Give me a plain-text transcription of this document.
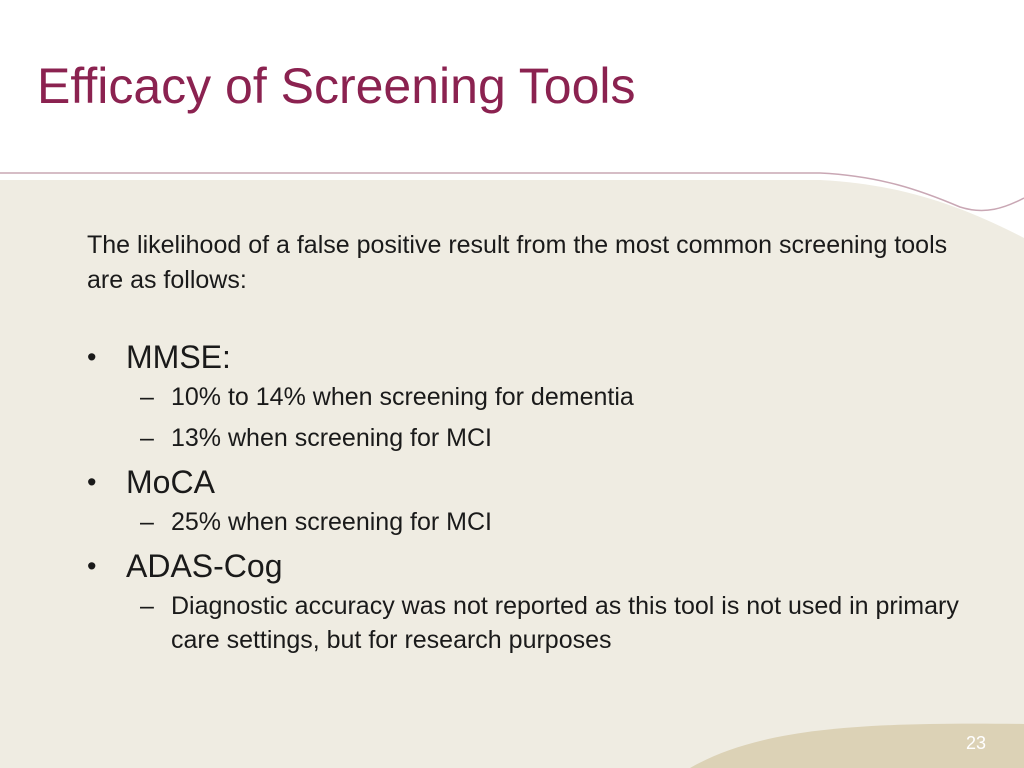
Efficacy of Screening Tools

The likelihood of a false positive result from the most common screening tools are as follows:

• MMSE:
– 10% to 14% when screening for dementia
– 13% when screening for MCI
• MoCA
– 25% when screening for MCI
• ADAS-Cog
– Diagnostic accuracy was not reported as this tool is not used in primary care settings, but for research purposes
23
